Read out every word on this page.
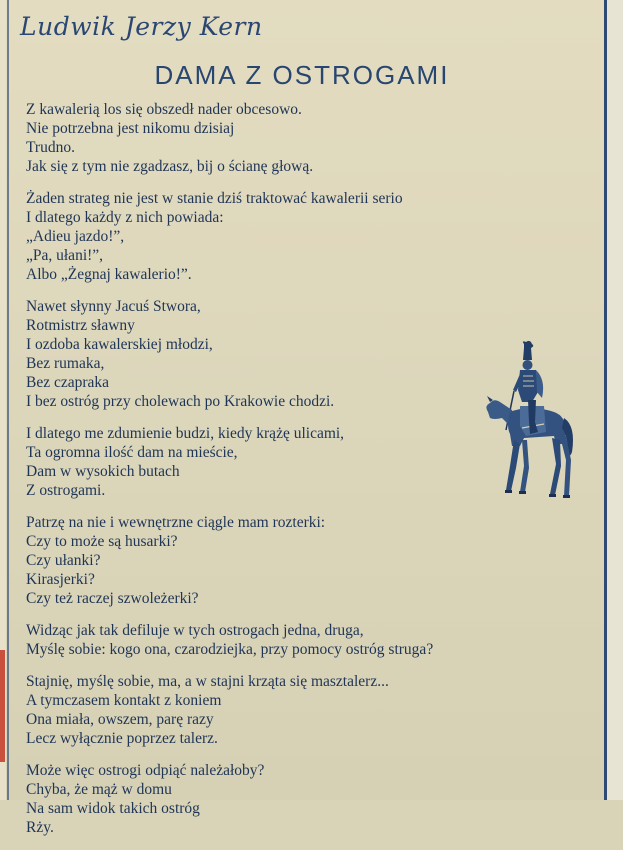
Ludwik Jerzy Kern
DAMA Z OSTROGAMI
Z kawalerią los się obszedł nader obcesowo.
Nie potrzebna jest nikomu dzisiaj
Trudno.
Jak się z tym nie zgadzasz, bij o ścianę głową.
Żaden strateg nie jest w stanie dziś traktować kawalerii serio
I dlatego każdy z nich powiada:
„Adieu jazdo!”,
„Pa, ułani!”,
Albo „Żegnaj kawalerio!”.
Nawet słynny Jacuś Stwora,
Rotmistrz sławny
I ozdoba kawalerskiej młodzi,
Bez rumaka,
Bez czapraka
I bez ostróg przy cholewach po Krakowie chodzi.
I dlatego me zdumienie budzi, kiedy krążę ulicami,
Ta ogromna ilość dam na mieście,
Dam w wysokich butach
Z ostrogami.
Patrzę na nie i wewnętrzne ciągle mam rozterki:
Czy to może są husarki?
Czy ułanki?
Kirasjerki?
Czy też raczej szwoleżerki?
Widząc jak tak defiluje w tych ostrogach jedna, druga,
Myślę sobie: kogo ona, czarodziejka, przy pomocy ostróg struga?
Stajnię, myślę sobie, ma, a w stajni krząta się masztalerz...
A tymczasem kontakt z koniem
Ona miała, owszem, parę razy
Lecz wyłącznie poprzez talerz.
Może więc ostrogi odpiąć należałoby?
Chyba, że mąż w domu
Na sam widok takich ostróg
Rży.
